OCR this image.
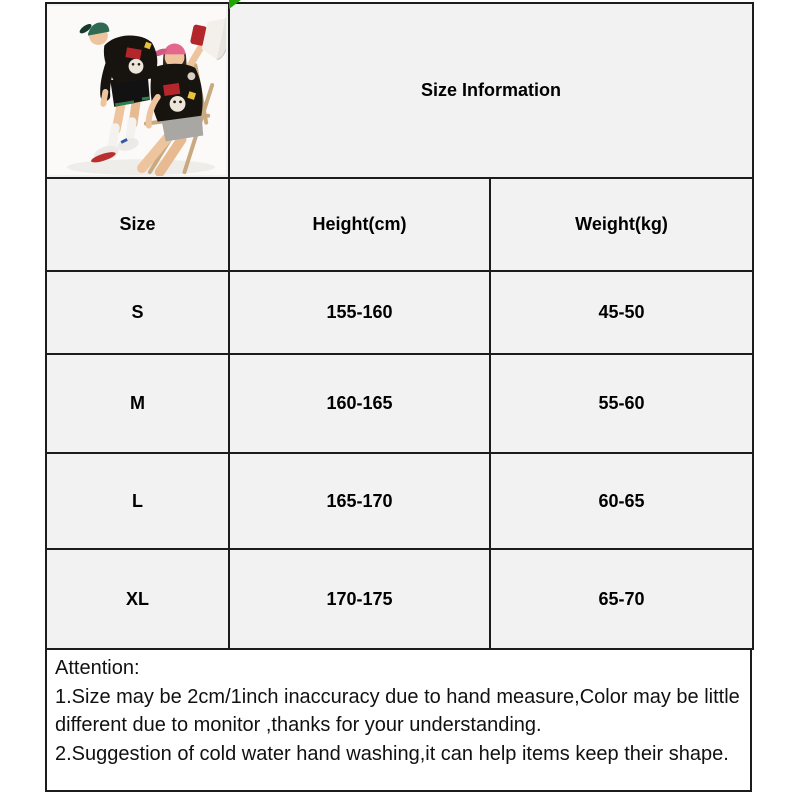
	Size Information	
Size	Height(cm)	Weight(kg)
S	155-160	45-50
M	160-165	55-60
L	165-170	60-65
XL	170-175	65-70
Attention:
1.Size may be 2cm/1inch inaccuracy due to hand measure,Color may be little different due to monitor ,thanks for your understanding.
2.Suggestion of cold water hand washing,it can help items keep their shape.
